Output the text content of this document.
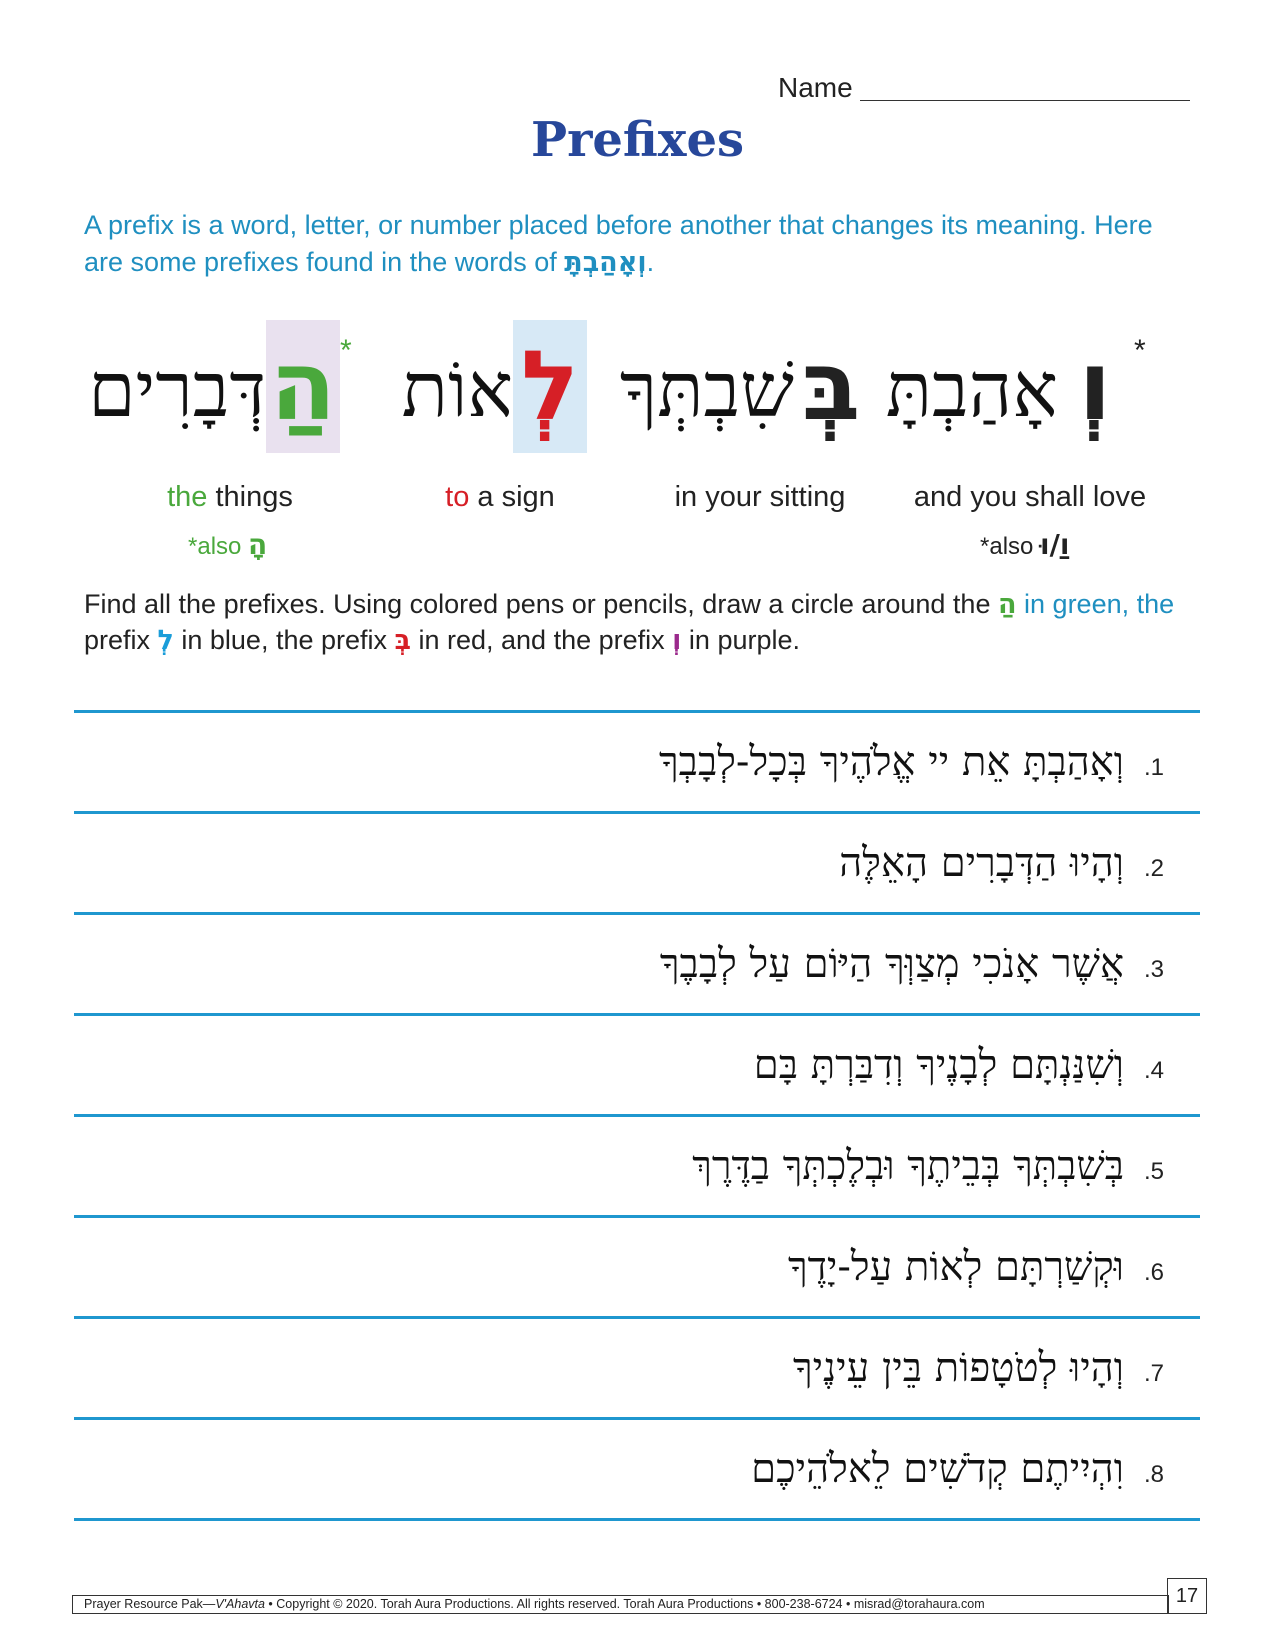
Name
Prefixes
A prefix is a word, letter, or number placed before another that changes its meaning. Here are some prefixes found in the words of וְאָהַבְתָּ.
הַ *
דְּבָרִים
the things
*also הָ
לְ
אוֹת
to a sign
בְּ
שִׁבְתְּךָ
in your sitting
וְ *
אָהַבְתָּ
and you shall love
*also וַ/וּ
Find all the prefixes. Using colored pens or pencils, draw a circle around the הַ in green, the
prefix לְ in blue, the prefix בְּ in red, and the prefix וְ in purple.
.1
וְאָהַבְתָּ אֵת יי אֱלֹהֶיךָ בְּכָל-לְבָבְךָ
.2
וְהָיוּ הַדְּבָרִים הָאֵלֶּה
.3
אֲשֶׁר אָנֹכִי מְצַוְּךָ הַיּוֹם עַל לְבָבֶךָ
.4
וְשִׁנַּנְתָּם לְבָנֶיךָ וְדִבַּרְתָּ בָּם
.5
בְּשִׁבְתְּךָ בְּבֵיתֶךָ וּבְלֶכְתְּךָ בַדֶּרֶךְ
.6
וּקְשַׁרְתָּם לְאוֹת עַל-יָדֶךָ
.7
וְהָיוּ לְטֹטָפוֹת בֵּין עֵינֶיךָ
.8
וִהְיִיתֶם קְדֹשִׁים לֵאלֹהֵיכֶם
Prayer Resource Pak—V'Ahavta • Copyright © 2020. Torah Aura Productions. All rights reserved. Torah Aura Productions • 800-238-6724 • misrad@torahaura.com	17
